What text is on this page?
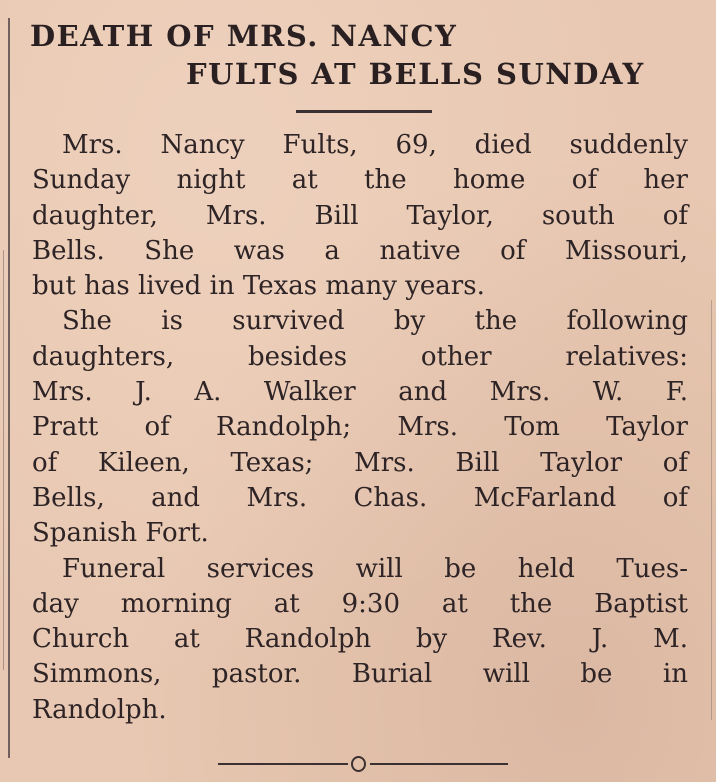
DEATH OF MRS. NANCY
FULTS AT BELLS SUNDAY
Mrs. Nancy Fults, 69, died suddenly
Sunday night at the home of her
daughter, Mrs. Bill Taylor, south of
Bells. She was a native of Missouri,
but has lived in Texas many years.
She is survived by the following
daughters, besides other relatives:
Mrs. J. A. Walker and Mrs. W. F.
Pratt of Randolph; Mrs. Tom Taylor
of Kileen, Texas; Mrs. Bill Taylor of
Bells, and Mrs. Chas. McFarland of
Spanish Fort.
Funeral services will be held Tues-
day morning at 9:30 at the Baptist
Church at Randolph by Rev. J. M.
Simmons, pastor. Burial will be in
Randolph.
